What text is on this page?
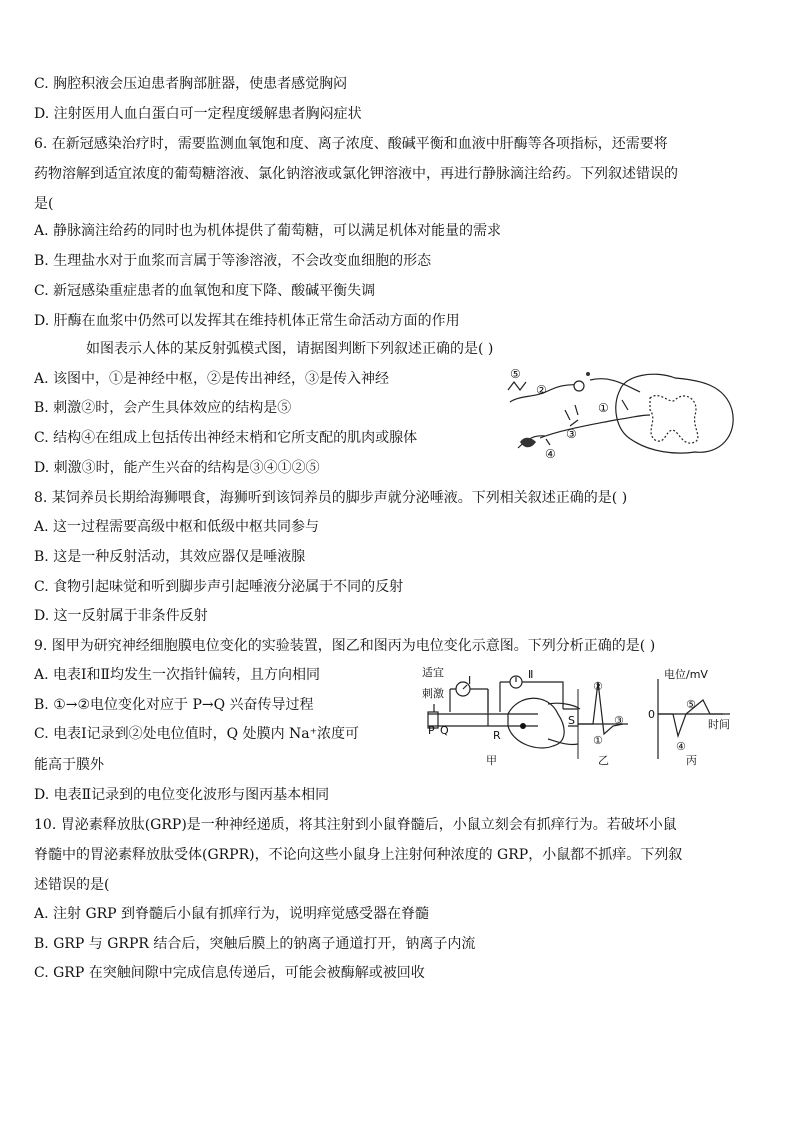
C. 胸腔积液会压迫患者胸部脏器，使患者感觉胸闷
D. 注射医用人血白蛋白可一定程度缓解患者胸闷症状
6. 在新冠感染治疗时，需要监测血氧饱和度、离子浓度、酸碱平衡和血液中肝酶等各项指标，还需要将
药物溶解到适宜浓度的葡萄糖溶液、氯化钠溶液或氯化钾溶液中，再进行静脉滴注给药。下列叙述错误的
是(
A. 静脉滴注给药的同时也为机体提供了葡萄糖，可以满足机体对能量的需求
B. 生理盐水对于血浆而言属于等渗溶液，不会改变血细胞的形态
C. 新冠感染重症患者的血氧饱和度下降、酸碱平衡失调
D. 肝酶在血浆中仍然可以发挥其在维持机体正常生命活动方面的作用
如图表示人体的某反射弧模式图，请据图判断下列叙述正确的是( )
A. 该图中，①是神经中枢，②是传出神经，③是传入神经
B. 刺激②时，会产生具体效应的结构是⑤
C. 结构④在组成上包括传出神经末梢和它所支配的肌肉或腺体
D. 刺激③时，能产生兴奋的结构是③④①②⑤
8. 某饲养员长期给海狮喂食，海狮听到该饲养员的脚步声就分泌唾液。下列相关叙述正确的是( )
A. 这一过程需要高级中枢和低级中枢共同参与
B. 这是一种反射活动，其效应器仅是唾液腺
C. 食物引起味觉和听到脚步声引起唾液分泌属于不同的反射
D. 这一反射属于非条件反射
9. 图甲为研究神经细胞膜电位变化的实验装置，图乙和图丙为电位变化示意图。下列分析正确的是( )
A. 电表Ⅰ和Ⅱ均发生一次指针偏转，且方向相同
B. ①→②电位变化对应于 P→Q 兴奋传导过程
C. 电表Ⅰ记录到②处电位值时，Q 处膜内 Na⁺浓度可
能高于膜外
D. 电表Ⅱ记录到的电位变化波形与图丙基本相同
10. 胃泌素释放肽(GRP)是一种神经递质，将其注射到小鼠脊髓后，小鼠立刻会有抓痒行为。若破坏小鼠
脊髓中的胃泌素释放肽受体(GRPR)，不论向这些小鼠身上注射何种浓度的 GRP，小鼠都不抓痒。下列叙
述错误的是(
A. 注射 GRP 到脊髓后小鼠有抓痒行为，说明痒觉感受器在脊髓
B. GRP 与 GRPR 结合后，突触后膜上的钠离子通道打开，钠离子内流
C. GRP 在突触间隙中完成信息传递后，可能会被酶解或被回收
⑤
②
①
③
④
适宜
刺激
Ⅰ	Ⅱ
P Q	R
S
甲
②
①
③
乙
电位/mV
0
时间
⑤
④
丙
